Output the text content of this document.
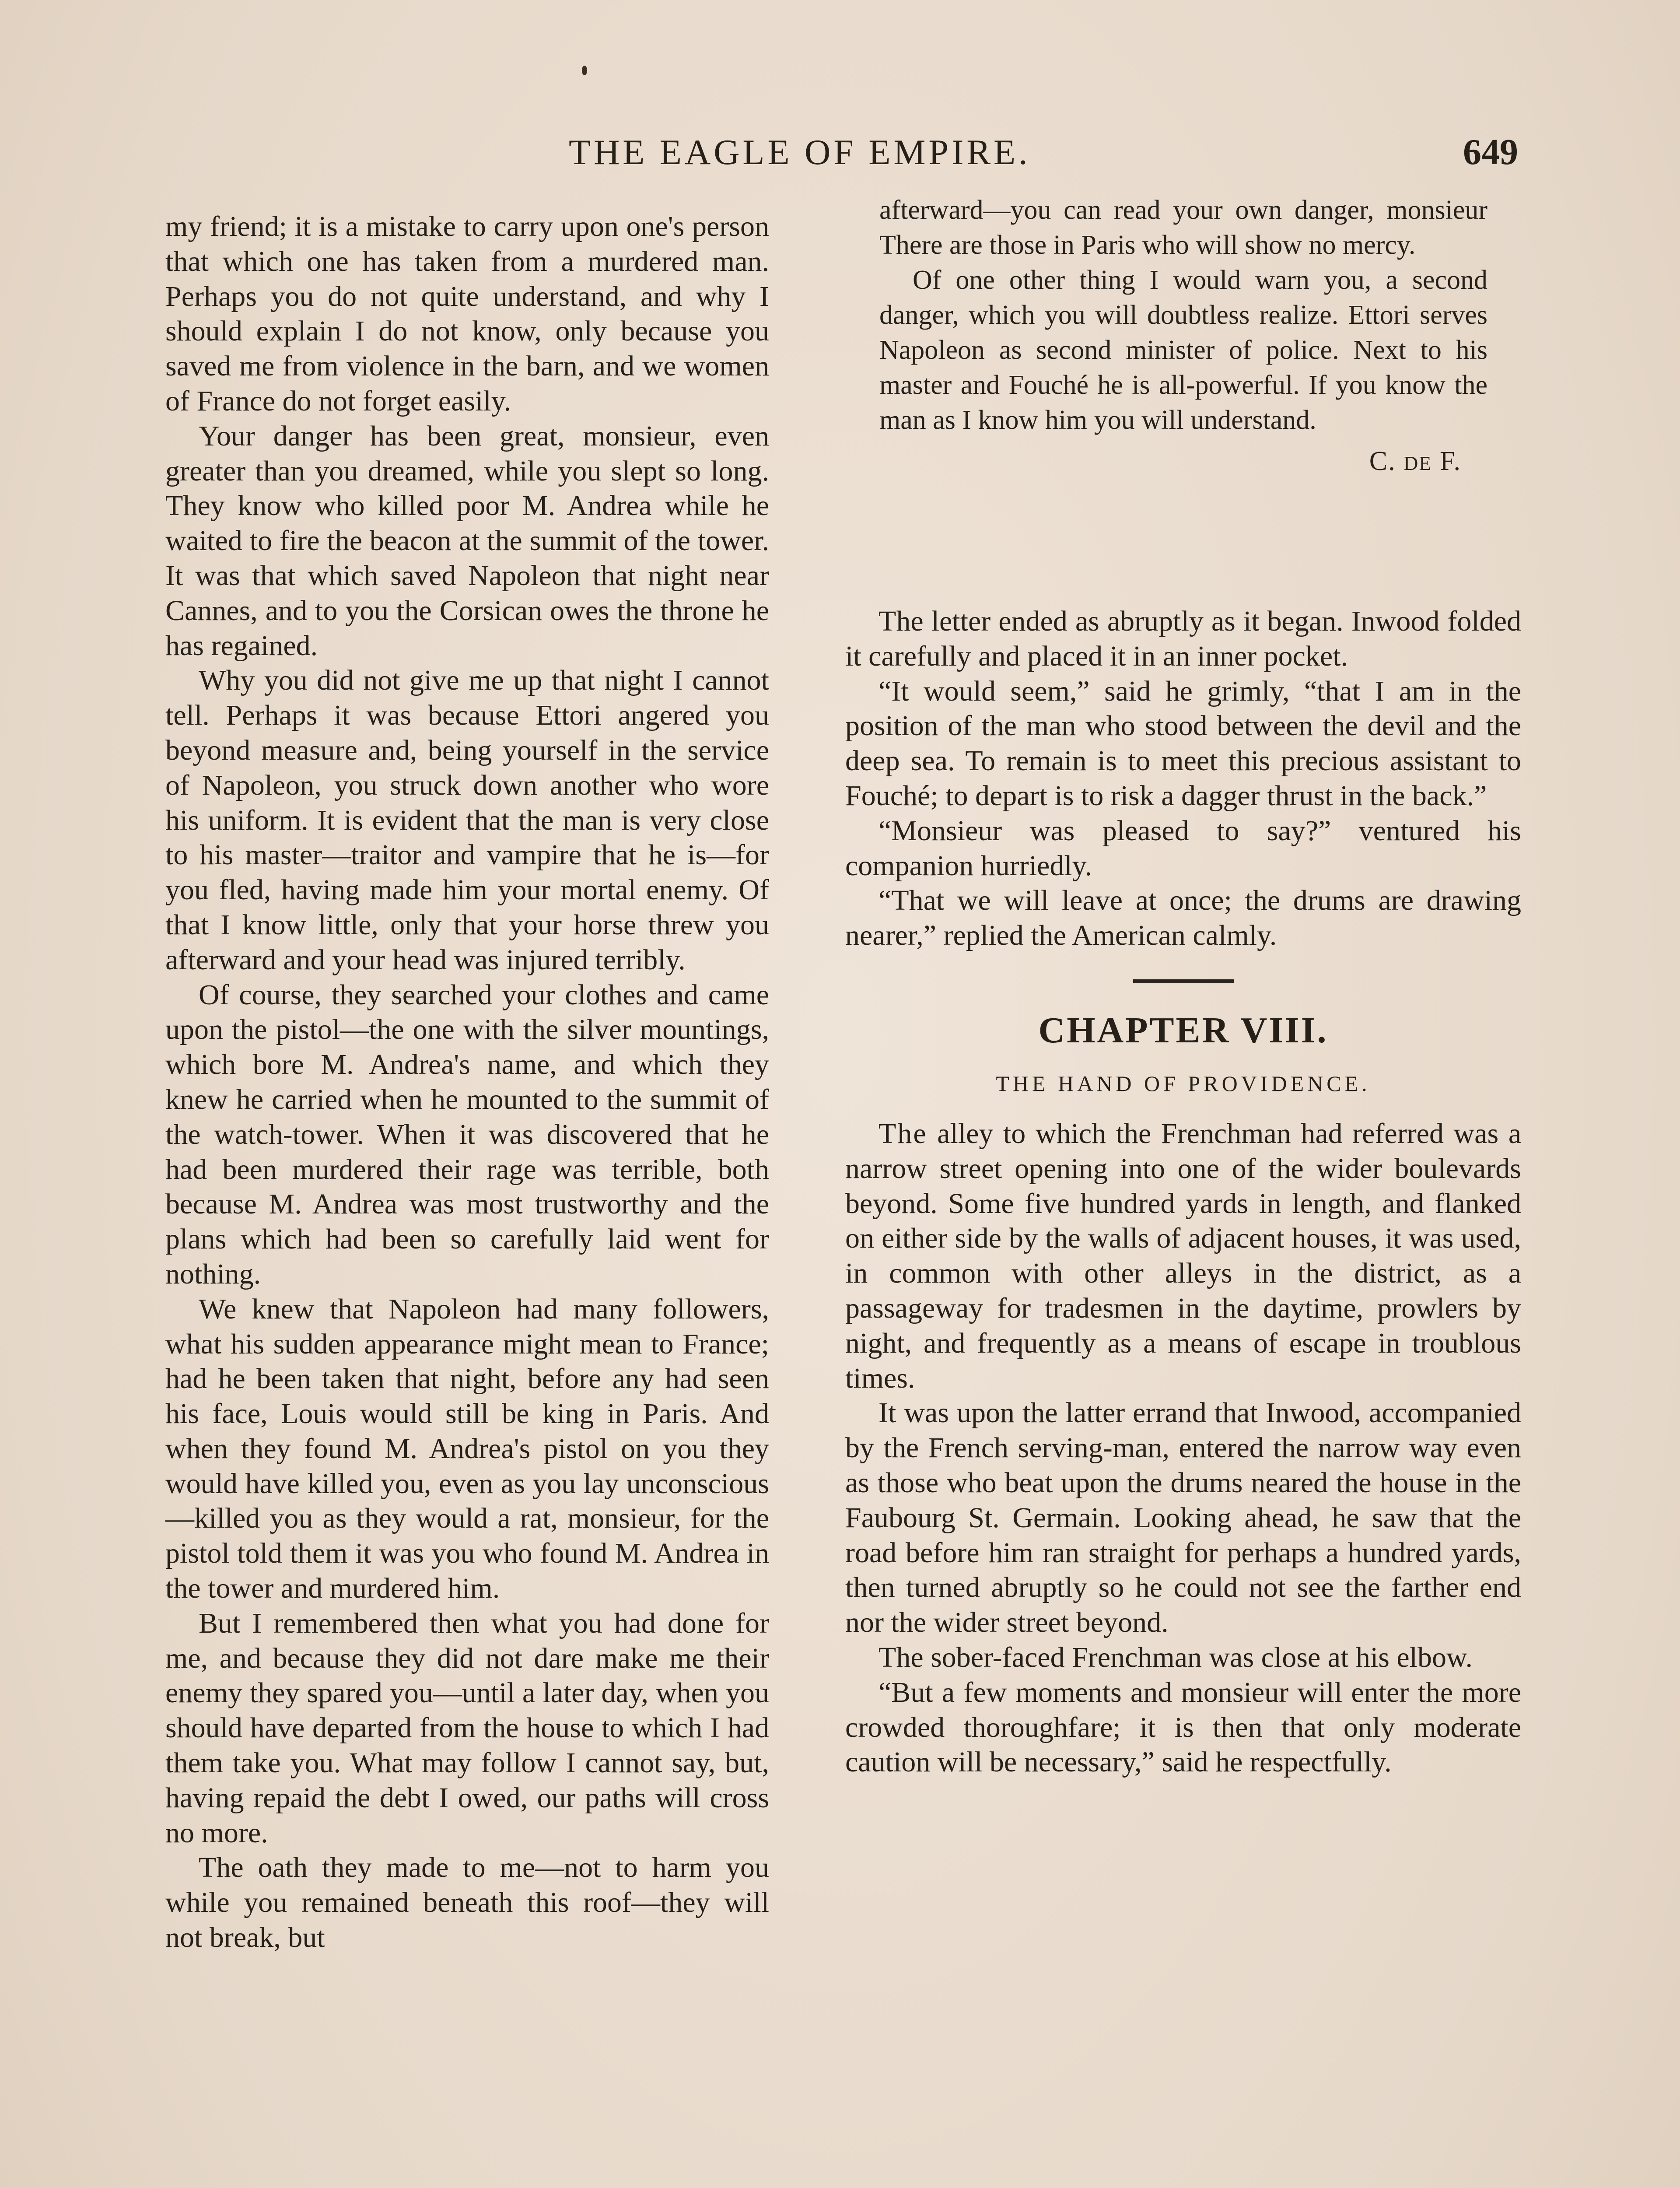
THE EAGLE OF EMPIRE.	649

my friend; it is a mistake to carry upon one's person that which one has taken from a murdered man. Perhaps you do not quite understand, and why I should explain I do not know, only because you saved me from violence in the barn, and we women of France do not forget easily.

Your danger has been great, monsieur, even greater than you dreamed, while you slept so long. They know who killed poor M. Andrea while he waited to fire the beacon at the summit of the tower. It was that which saved Napoleon that night near Cannes, and to you the Corsican owes the throne he has regained.

Why you did not give me up that night I cannot tell. Perhaps it was because Ettori angered you beyond measure and, being yourself in the service of Napoleon, you struck down another who wore his uniform. It is evident that the man is very close to his master—traitor and vampire that he is—for you fled, having made him your mortal enemy. Of that I know little, only that your horse threw you afterward and your head was injured terribly.

Of course, they searched your clothes and came upon the pistol—the one with the silver mountings, which bore M. Andrea's name, and which they knew he carried when he mounted to the summit of the watch-tower. When it was discovered that he had been murdered their rage was terrible, both because M. Andrea was most trustworthy and the plans which had been so carefully laid went for nothing.

We knew that Napoleon had many followers, what his sudden appearance might mean to France; had he been taken that night, before any had seen his face, Louis would still be king in Paris. And when they found M. Andrea's pistol on you they would have killed you, even as you lay unconscious —killed you as they would a rat, monsieur, for the pistol told them it was you who found M. Andrea in the tower and murdered him.

But I remembered then what you had done for me, and because they did not dare make me their enemy they spared you—until a later day, when you should have departed from the house to which I had them take you. What may follow I cannot say, but, having repaid the debt I owed, our paths will cross no more.

The oath they made to me—not to harm you while you remained beneath this roof—they will not break, but

afterward—you can read your own danger, monsieur There are those in Paris who will show no mercy.

Of one other thing I would warn you, a second danger, which you will doubtless realize. Ettori serves Napoleon as second minister of police. Next to his master and Fouché he is all-powerful. If you know the man as I know him you will understand.

C. DE F.

The letter ended as abruptly as it began. Inwood folded it carefully and placed it in an inner pocket.

“It would seem,” said he grimly, “that I am in the position of the man who stood between the devil and the deep sea. To remain is to meet this precious assistant to Fouché; to depart is to risk a dagger thrust in the back.”

“Monsieur was pleased to say?” ventured his companion hurriedly.

“That we will leave at once; the drums are drawing nearer,” replied the American calmly.

CHAPTER VIII.
THE HAND OF PROVIDENCE.

The alley to which the Frenchman had referred was a narrow street opening into one of the wider boulevards beyond. Some five hundred yards in length, and flanked on either side by the walls of adjacent houses, it was used, in common with other alleys in the district, as a passageway for tradesmen in the daytime, prowlers by night, and frequently as a means of escape in troublous times.

It was upon the latter errand that Inwood, accompanied by the French serving-man, entered the narrow way even as those who beat upon the drums neared the house in the Faubourg St. Germain. Looking ahead, he saw that the road before him ran straight for perhaps a hundred yards, then turned abruptly so he could not see the farther end nor the wider street beyond.

The sober-faced Frenchman was close at his elbow.

“But a few moments and monsieur will enter the more crowded thoroughfare; it is then that only moderate caution will be necessary,” said he respectfully.
